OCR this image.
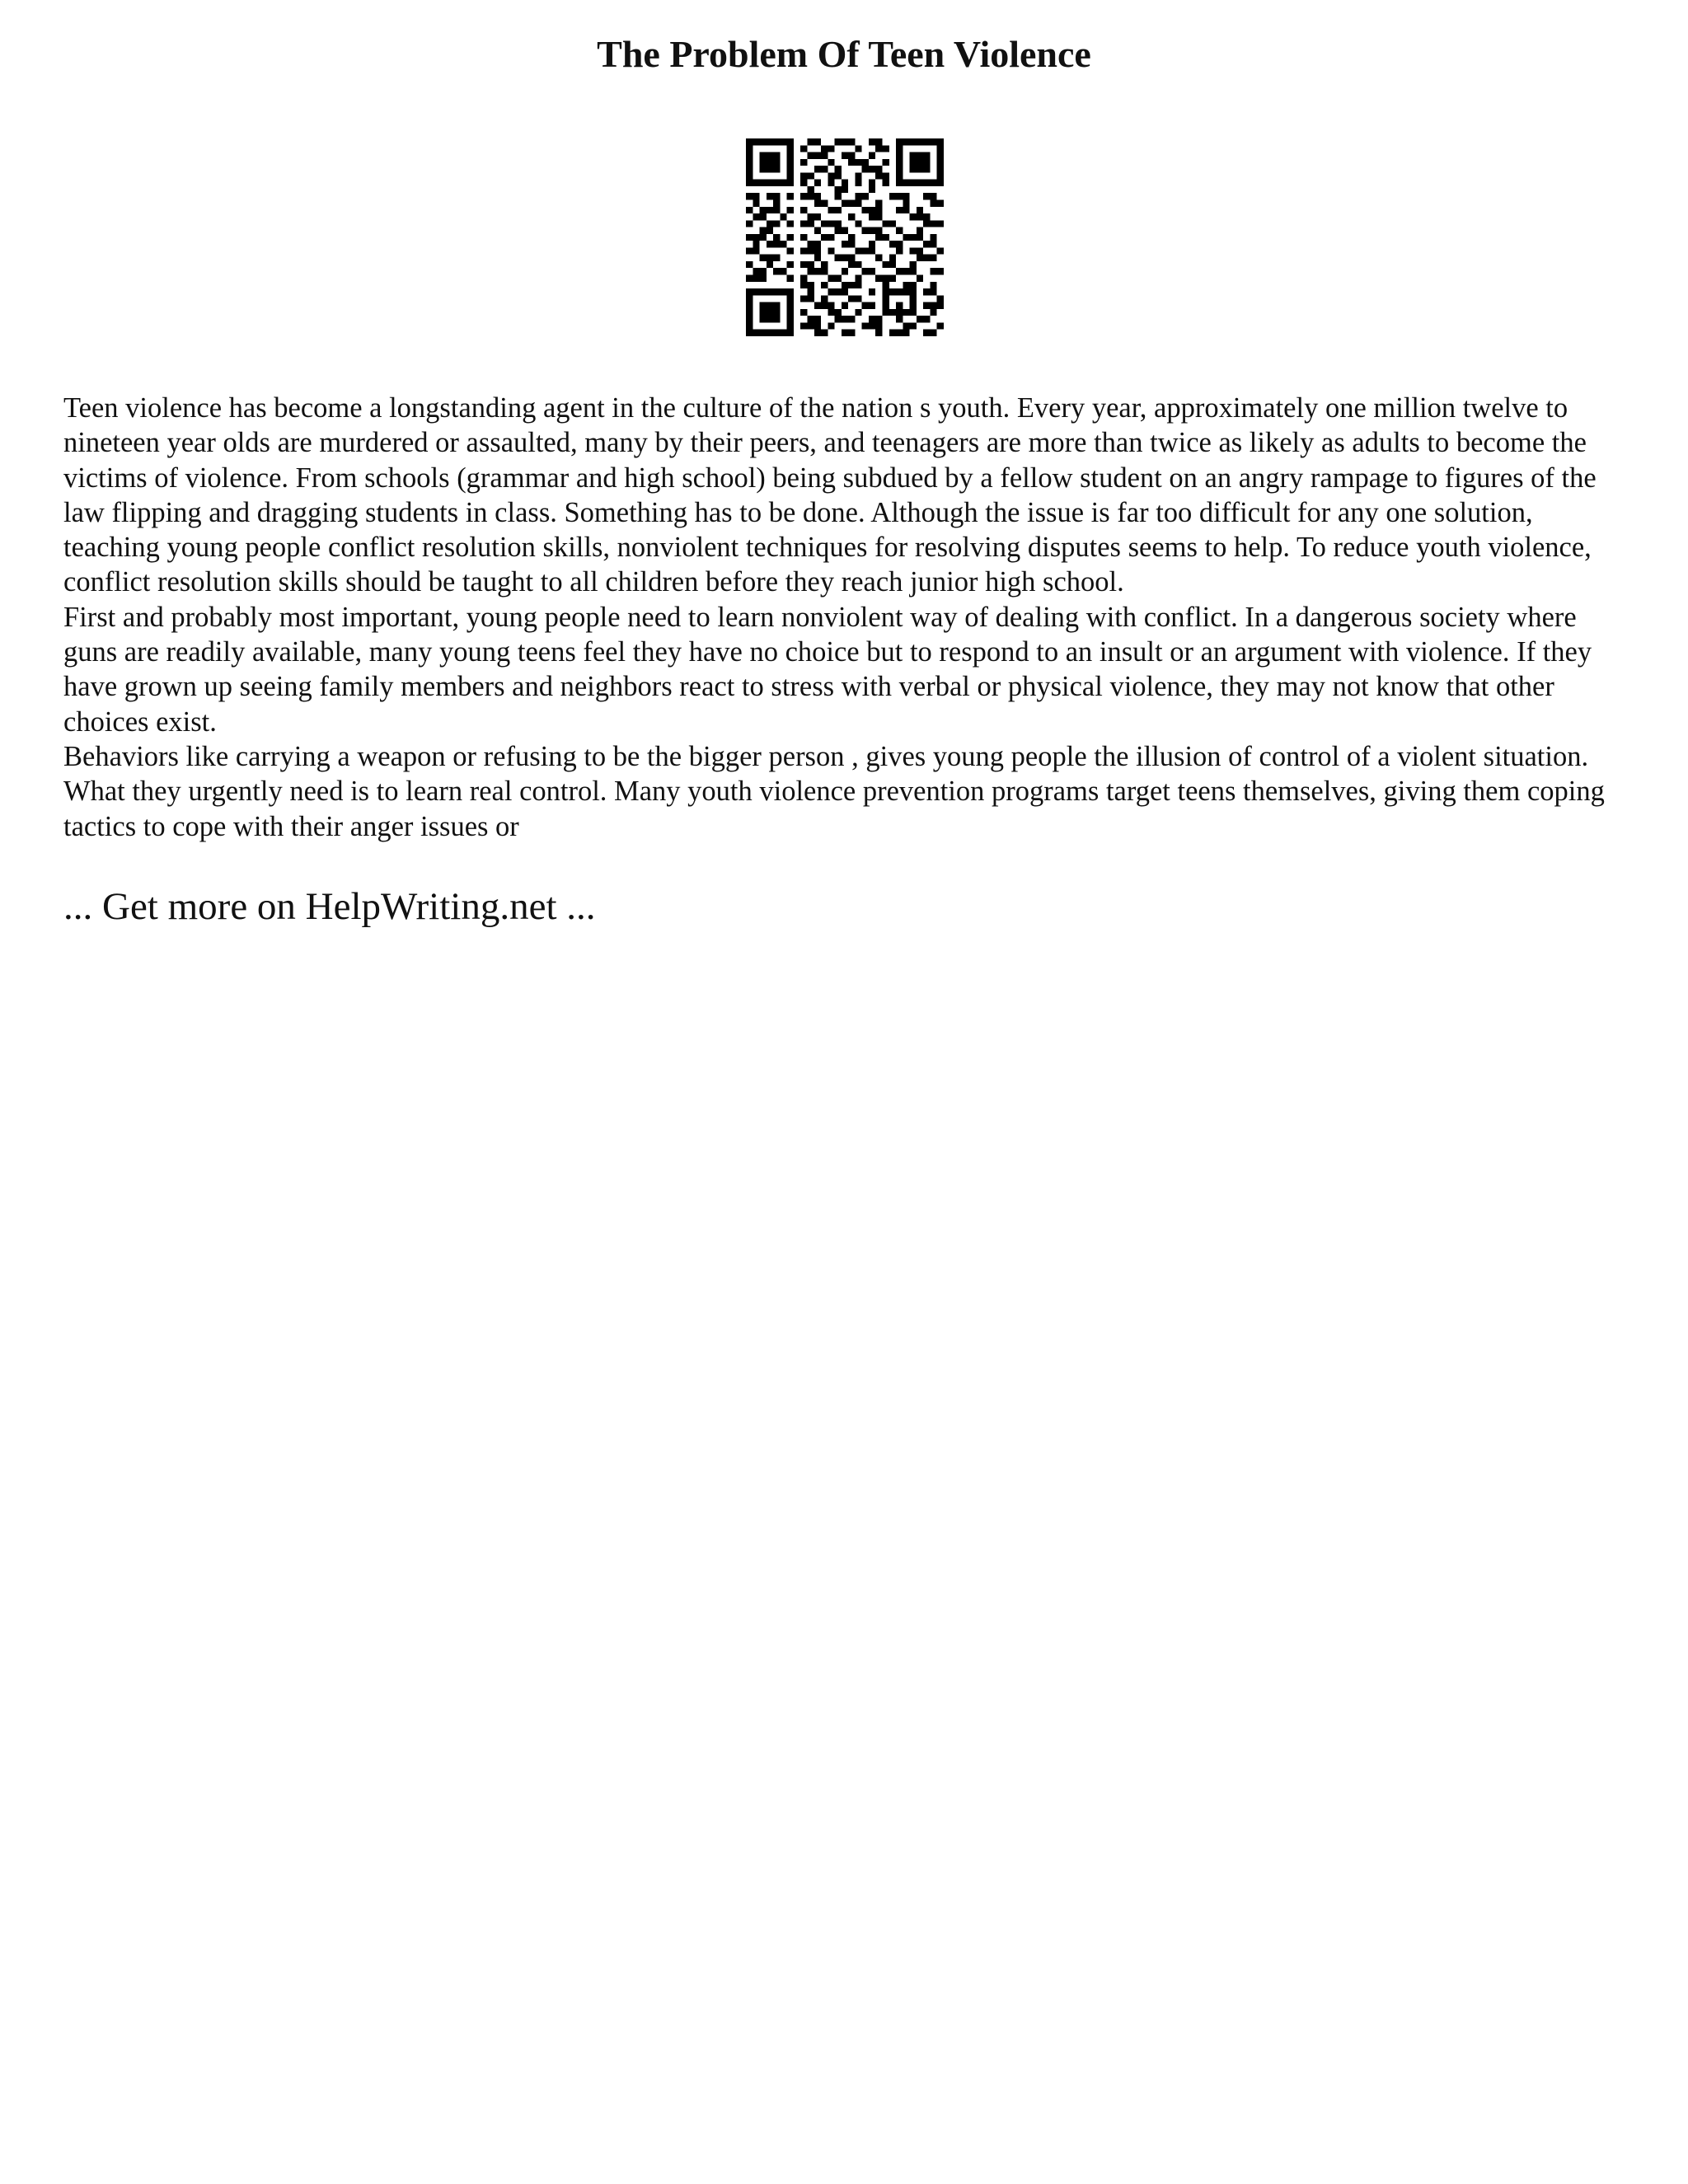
The Problem Of Teen Violence

Teen violence has become a longstanding agent in the culture of the nation s youth. Every year, approximately one million twelve to nineteen year olds are murdered or assaulted, many by their peers, and teenagers are more than twice as likely as adults to become the victims of violence. From schools (grammar and high school) being subdued by a fellow student on an angry rampage to figures of the law flipping and dragging students in class. Something has to be done. Although the issue is far too difficult for any one solution, teaching young people conflict resolution skills, nonviolent techniques for resolving disputes seems to help. To reduce youth violence, conflict resolution skills should be taught to all children before they reach junior high school.

First and probably most important, young people need to learn nonviolent way of dealing with conflict. In a dangerous society where guns are readily available, many young teens feel they have no choice but to respond to an insult or an argument with violence. If they have grown up seeing family members and neighbors react to stress with verbal or physical violence, they may not know that other choices exist.

Behaviors like carrying a weapon or refusing to be the bigger person , gives young people the illusion of control of a violent situation. What they urgently need is to learn real control. Many youth violence prevention programs target teens themselves, giving them coping tactics to cope with their anger issues or

... Get more on HelpWriting.net ...
